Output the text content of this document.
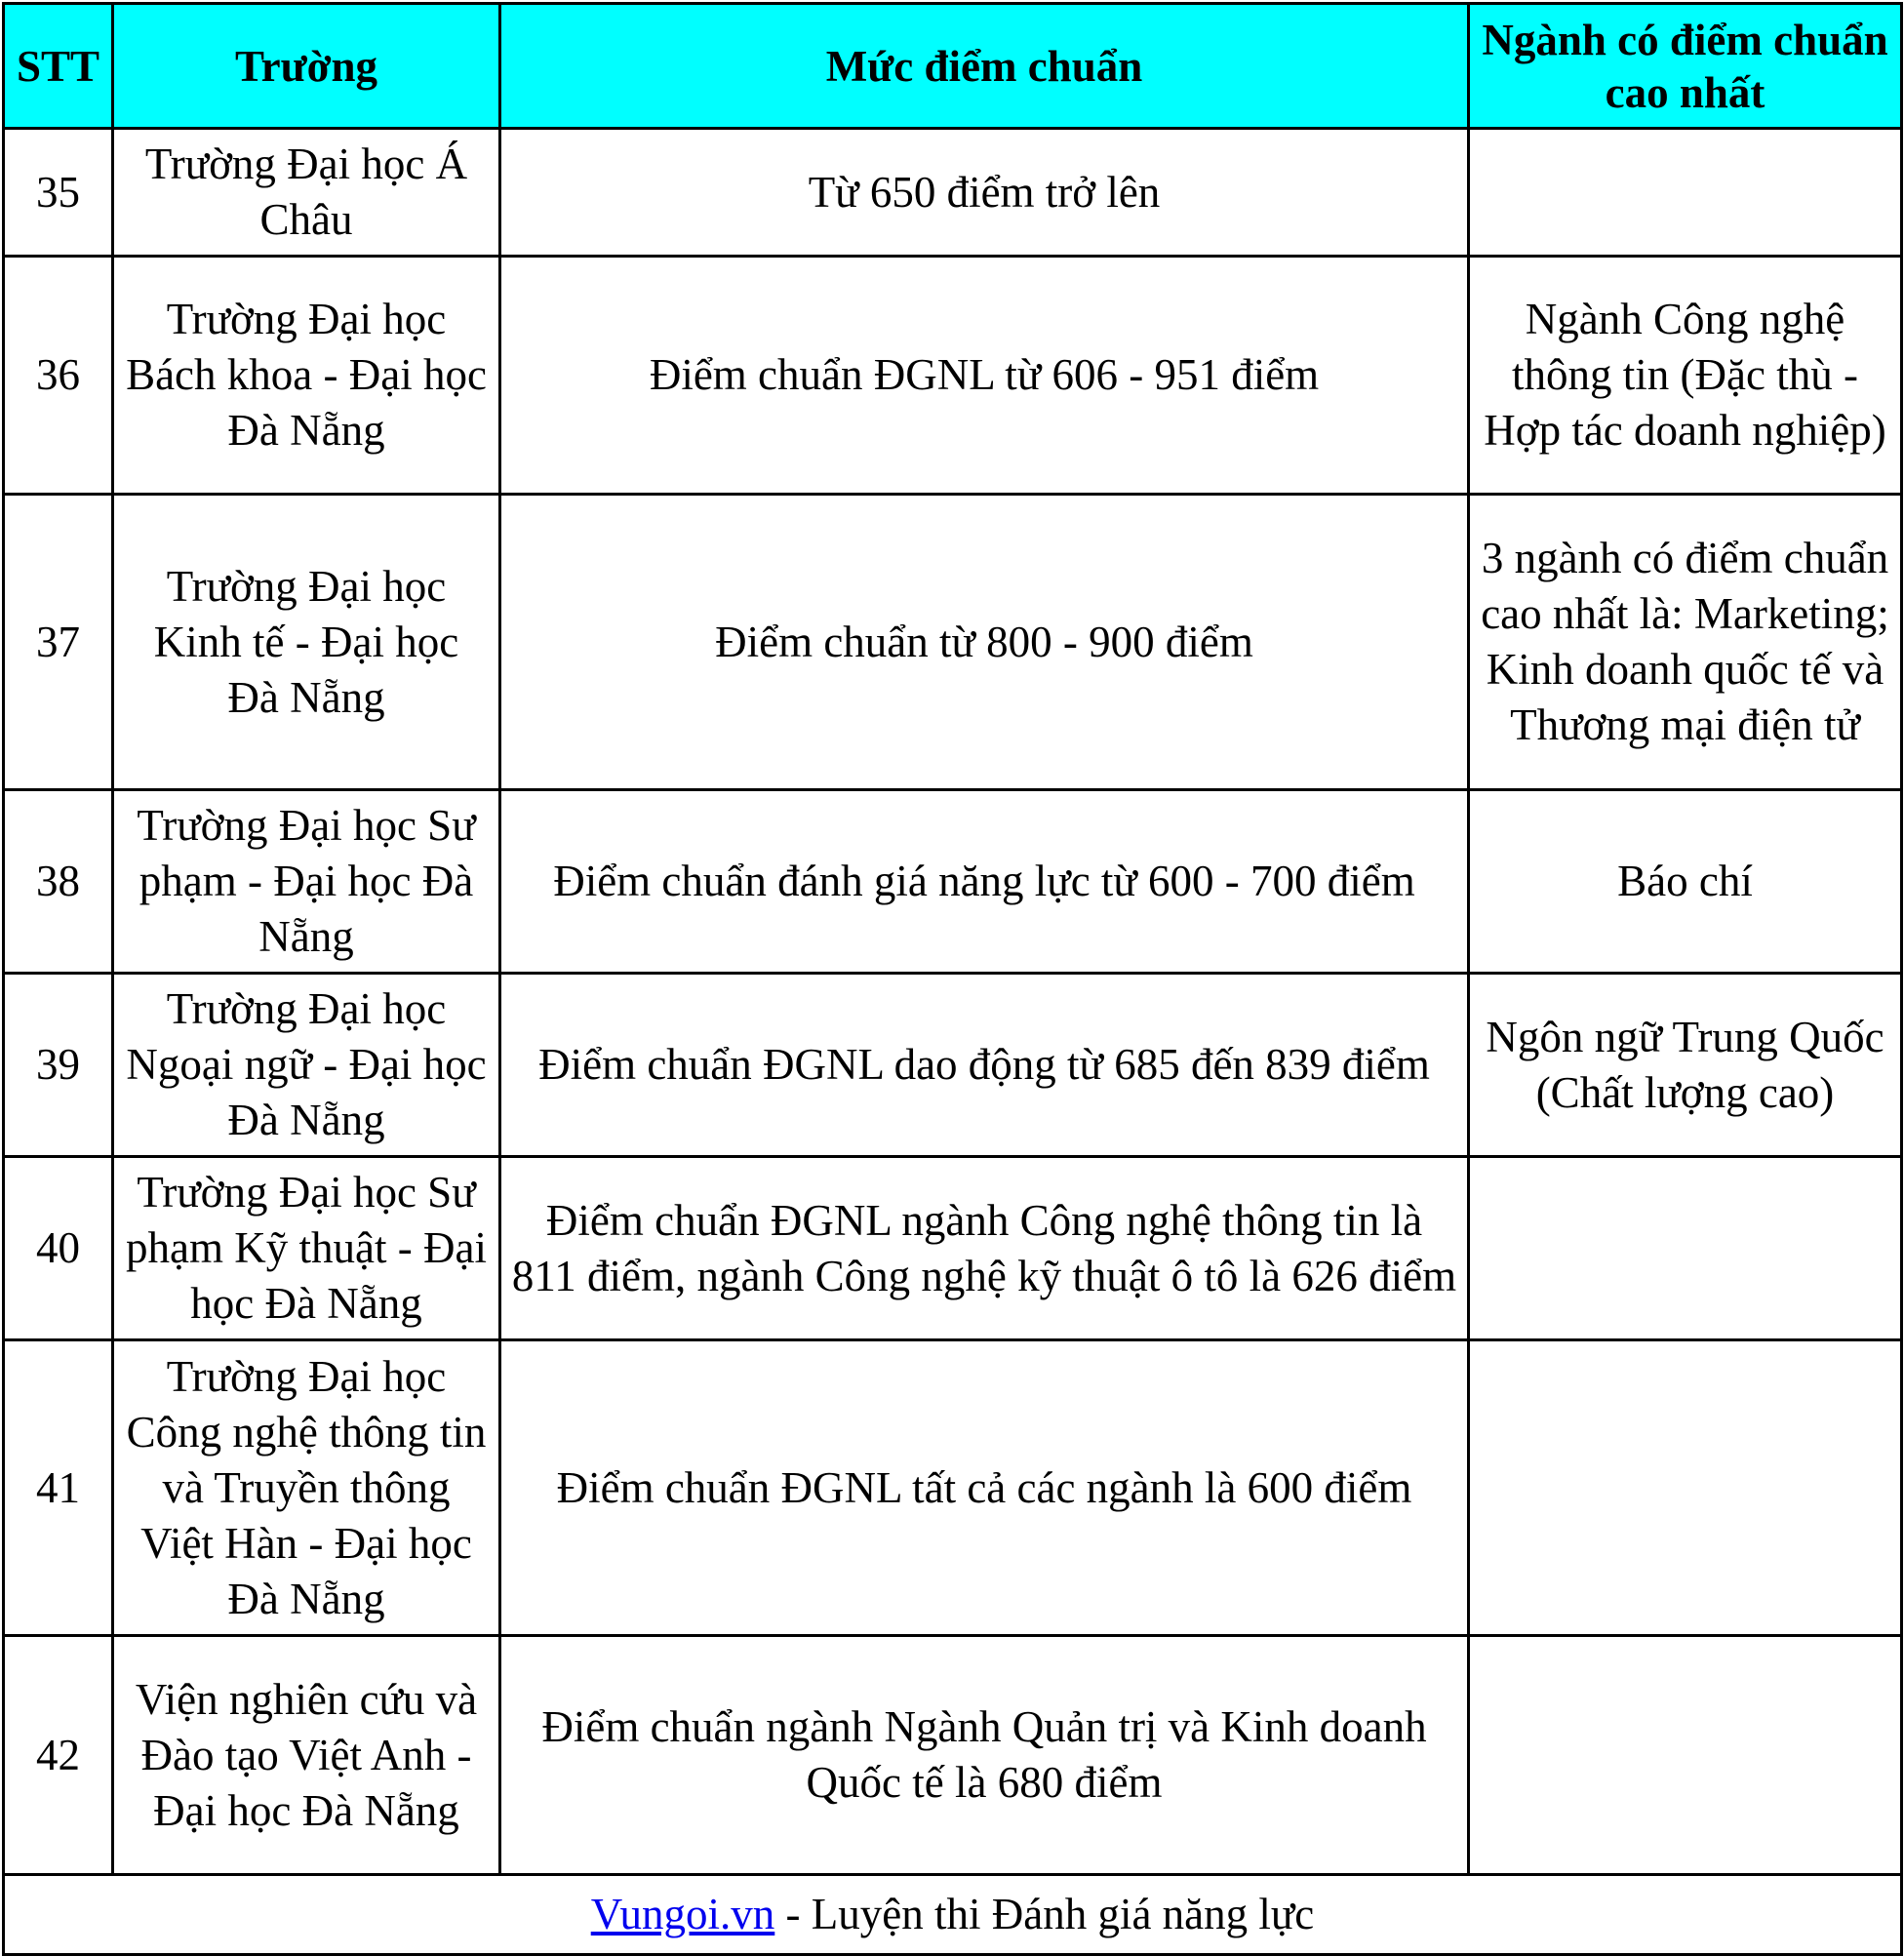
STT	Trường	Mức điểm chuẩn	Ngành có điểm chuẩn cao nhất
35	Trường Đại học Á Châu	Từ 650 điểm trở lên	
36	Trường Đại học Bách khoa - Đại học Đà Nẵng	Điểm chuẩn ĐGNL từ 606 - 951 điểm	Ngành Công nghệ thông tin (Đặc thù - Hợp tác doanh nghiệp)
37	Trường Đại học Kinh tế - Đại học Đà Nẵng	Điểm chuẩn từ 800 - 900 điểm	3 ngành có điểm chuẩn cao nhất là: Marketing; Kinh doanh quốc tế và Thương mại điện tử
38	Trường Đại học Sư phạm - Đại học Đà Nẵng	Điểm chuẩn đánh giá năng lực từ 600 - 700 điểm	Báo chí
39	Trường Đại học Ngoại ngữ - Đại học Đà Nẵng	Điểm chuẩn ĐGNL dao động từ 685 đến 839 điểm	Ngôn ngữ Trung Quốc (Chất lượng cao)
40	Trường Đại học Sư phạm Kỹ thuật - Đại học Đà Nẵng	Điểm chuẩn ĐGNL ngành Công nghệ thông tin là 811 điểm, ngành Công nghệ kỹ thuật ô tô là 626 điểm	
41	Trường Đại học Công nghệ thông tin và Truyền thông Việt Hàn - Đại học Đà Nẵng	Điểm chuẩn ĐGNL tất cả các ngành là 600 điểm	
42	Viện nghiên cứu và Đào tạo Việt Anh - Đại học Đà Nẵng	Điểm chuẩn ngành Ngành Quản trị và Kinh doanh Quốc tế là 680 điểm	
Vungoi.vn - Luyện thi Đánh giá năng lực			
